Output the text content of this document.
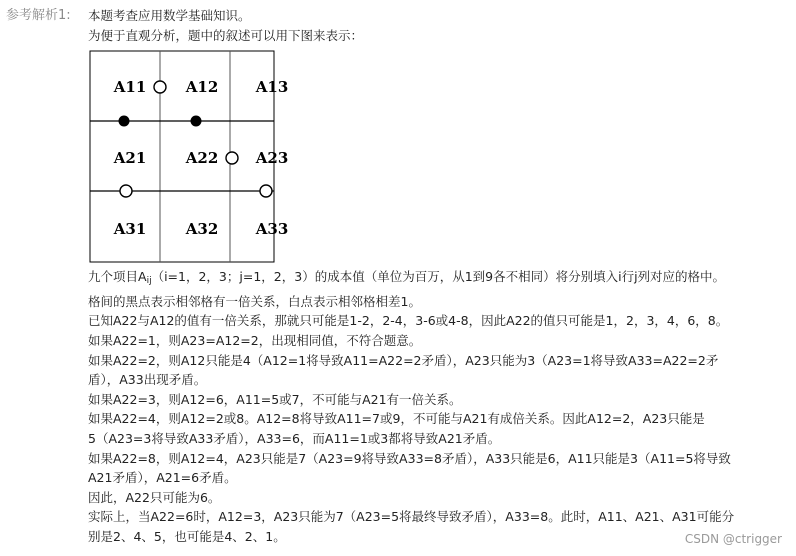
参考解析1: 本题考查应用数学基础知识。
为便于直观分析，题中的叙述可以用下图来表示：
A11	A12 A13
A21	A22 A23
A31	A32 A33
九个项目$A_{ij}(i=1$，2，3；j=1，2，3）的成本值（单位为百万，从1到9各不相同）将分别填入i行j列对应的格中。
格间的黑点表示相邻格有一倍关系，白点表示相邻格相差1。
已知A22与A12的值有一倍关系，那就只可能是1-2，2-4，3-6或4-8，因此A22的值只可能是1，2，3，4，6，8。
如果A22=1，则A23=A12=2，出现相同值，不符合题意。
如果A22=2，则A12只能是4（A12=1将导致A11=A22=2矛盾），A23只能为3（A23=1将导致A33=A22=2矛
盾），A33出现矛盾。
如果A22=3，则A12=6，A11=5或7，不可能与A21有一倍关系。
如果A22=4，则A12=2或8。A12=8将导致A11=7或9，不可能与A21有成倍关系。因此A12=2，A23只能是
5（A23=3将导致A33矛盾），A33=6，而A11=1或3都将导致A21矛盾。
如果A22=8，则A12=4，A23只能是7（A23=9将导致A33=8矛盾），A33只能是6，A11只能是3（A11=5将导致
A21矛盾），A21=6矛盾。
因此，A22只可能为6。
实际上，当A22=6时，A12=3，A23只能为7（A23=5将最终导致矛盾），A33=8。此时，A11、A21、A31可能分
别是2、4、5，也可能是4、2、1。	CSDN @ctrigger
